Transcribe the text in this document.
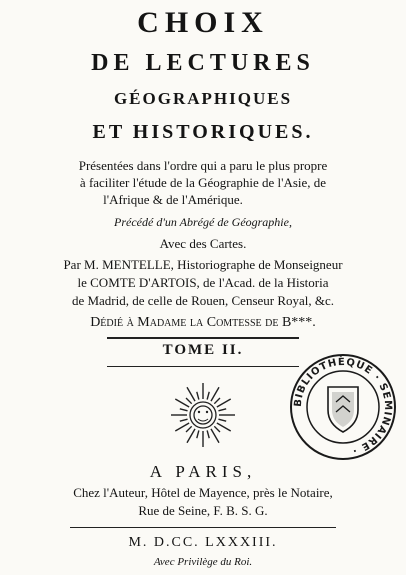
CHOIX
DE LECTURES
GÉOGRAPHIQUES
ET HISTORIQUES.
Présentées dans l'ordre qui a paru le plus propre
à faciliter l'étude de la Géographie de l'Asie, de
l'Afrique & de l'Amérique.
Précédé d'un Abrégé de Géographie,
Avec des Cartes.
Par M. MENTELLE, Historiographe de Monseigneur
le COMTE D'ARTOIS, de l'Acad. de la Historia
de Madrid, de celle de Rouen, Censeur Royal, &c.
Dédié à Madame la Comtesse de B***.
TOME II.
BIBLIOTHÈQUE · SEMINAIRE ·
A PARIS,
Chez l'Auteur, Hôtel de Mayence, près le Notaire,
Rue de Seine, F. B. S. G.
M. D.CC. LXXXIII.
Avec Privilège du Roi.
